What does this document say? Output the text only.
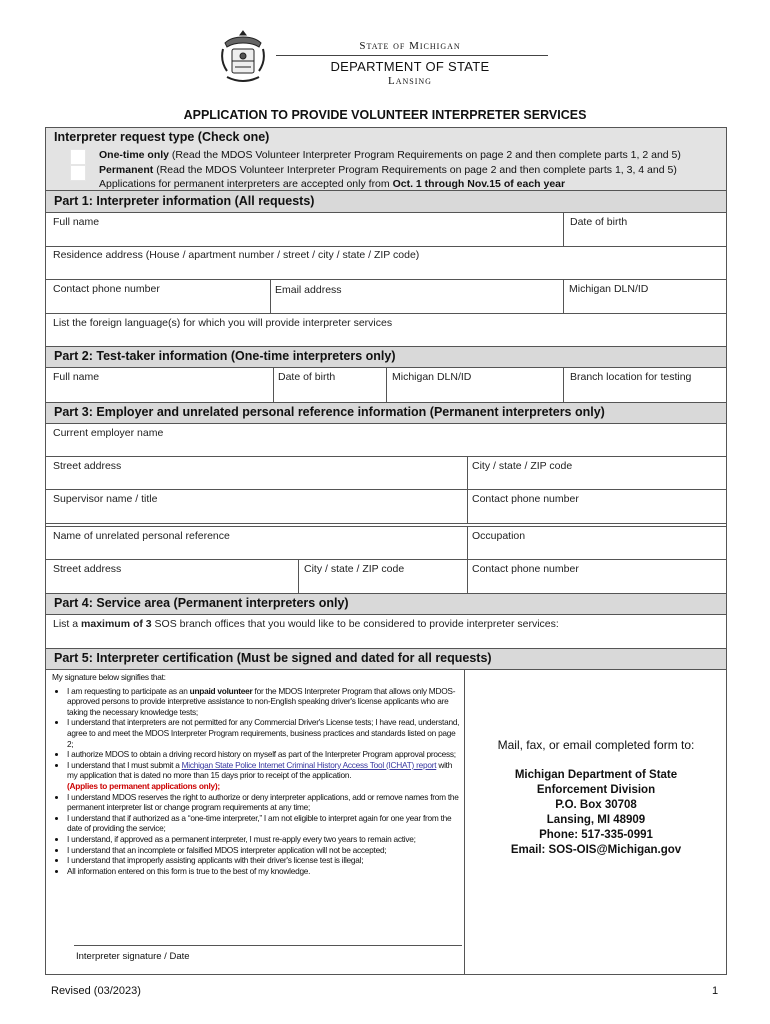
State of Michigan
DEPARTMENT OF STATE
Lansing
APPLICATION TO PROVIDE VOLUNTEER INTERPRETER SERVICES
Interpreter request type (Check one)
One-time only (Read the MDOS Volunteer Interpreter Program Requirements on page 2 and then complete parts 1, 2 and 5)
Permanent (Read the MDOS Volunteer Interpreter Program Requirements on page 2 and then complete parts 1, 3, 4 and 5)
Applications for permanent interpreters are accepted only from Oct. 1 through Nov.15 of each year
Part 1: Interpreter information (All requests)
Full name	Date of birth
Residence address (House / apartment number / street / city / state / ZIP code)
Contact phone number	Email address	Michigan DLN/ID
List the foreign language(s) for which you will provide interpreter services
Part 2: Test-taker information (One-time interpreters only)
Full name	Date of birth	Michigan DLN/ID	Branch location for testing
Part 3: Employer and unrelated personal reference information (Permanent interpreters only)
Current employer name
Street address	City / state / ZIP code
Supervisor name / title	Contact phone number
Name of unrelated personal reference	Occupation
Street address	City / state / ZIP code	Contact phone number
Part 4: Service area (Permanent interpreters only)
List a maximum of 3 SOS branch offices that you would like to be considered to provide interpreter services:
Part 5: Interpreter certification (Must be signed and dated for all requests)
My signature below signifies that:
• I am requesting to participate as an unpaid volunteer for the MDOS Interpreter Program that allows only MDOS-approved persons to provide interpretive assistance to non-English speaking driver's license applicants who are taking the necessary knowledge tests;
• I understand that interpreters are not permitted for any Commercial Driver's License tests; I have read, understand, agree to and meet the MDOS Interpreter Program requirements, business practices and standards listed on page 2;
• I authorize MDOS to obtain a driving record history on myself as part of the Interpreter Program approval process;
• I understand that I must submit a Michigan State Police Internet Criminal History Access Tool (ICHAT) report with my application that is dated no more than 15 days prior to receipt of the application.
(Applies to permanent applications only);
• I understand MDOS reserves the right to authorize or deny interpreter applications, add or remove names from the permanent interpreter list or change program requirements at any time;
• I understand that if authorized as a “one-time interpreter,” I am not eligible to interpret again for one year from the date of providing the service;
• I understand, if approved as a permanent interpreter, I must re-apply every two years to remain active;
• I understand that an incomplete or falsified MDOS interpreter application will not be accepted;
• I understand that improperly assisting applicants with their driver's license test is illegal;
• All information entered on this form is true to the best of my knowledge.
Interpreter signature / Date
Mail, fax, or email completed form to:
Michigan Department of State
Enforcement Division
P.O. Box 30708
Lansing, MI 48909
Phone: 517-335-0991
Email: SOS-OIS@Michigan.gov
Revised (03/2023)	1
